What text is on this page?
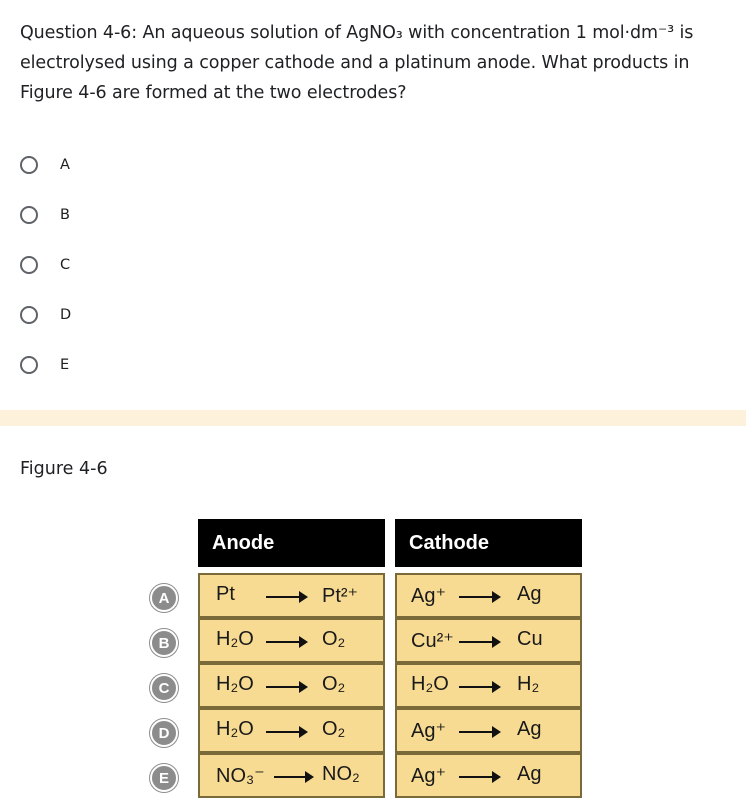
Question 4-6: An aqueous solution of AgNO₃ with concentration 1 mol·dm⁻³ is electrolysed using a copper cathode and a platinum anode. What products in Figure 4-6 are formed at the two electrodes?
A
B
C
D
E
Figure 4-6
Anode	Cathode
A	Pt	Pt²⁺	Ag⁺	Ag
B	H₂O	O₂	Cu²⁺	Cu
C	H₂O	O₂	H₂O	H₂
D	H₂O	O₂	Ag⁺	Ag
E	NO₃⁻	NO₂	Ag⁺	Ag
